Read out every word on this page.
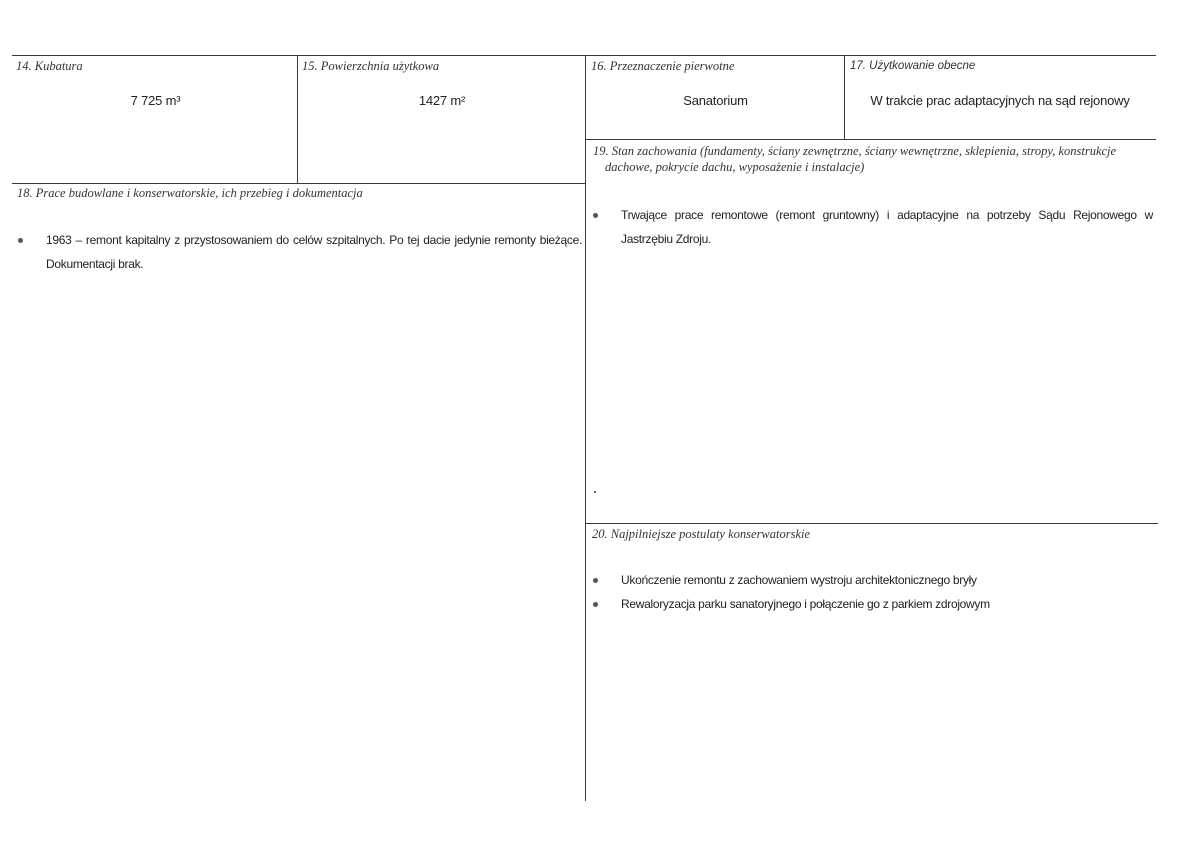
14. Kubatura
7 725 m³
15. Powierzchnia użytkowa
1427 m²
16. Przeznaczenie pierwotne
Sanatorium
17. Użytkowanie obecne
W trakcie prac adaptacyjnych na sąd rejonowy
18. Prace budowlane i konserwatorskie, ich przebieg i dokumentacja
1963 – remont kapitalny z przystosowaniem do celów szpitalnych. Po tej dacie jedynie remonty bieżące. Dokumentacji brak.
19. Stan zachowania (fundamenty, ściany zewnętrzne, ściany wewnętrzne, sklepienia, stropy, konstrukcje
dachowe, pokrycie dachu, wyposażenie i instalacje)
Trwające prace remontowe (remont gruntowny) i adaptacyjne na potrzeby Sądu Rejonowego w Jastrzębiu Zdroju.
20. Najpilniejsze postulaty konserwatorskie
Ukończenie remontu z zachowaniem wystroju architektonicznego bryły
Rewaloryzacja parku sanatoryjnego i połączenie go z parkiem zdrojowym
